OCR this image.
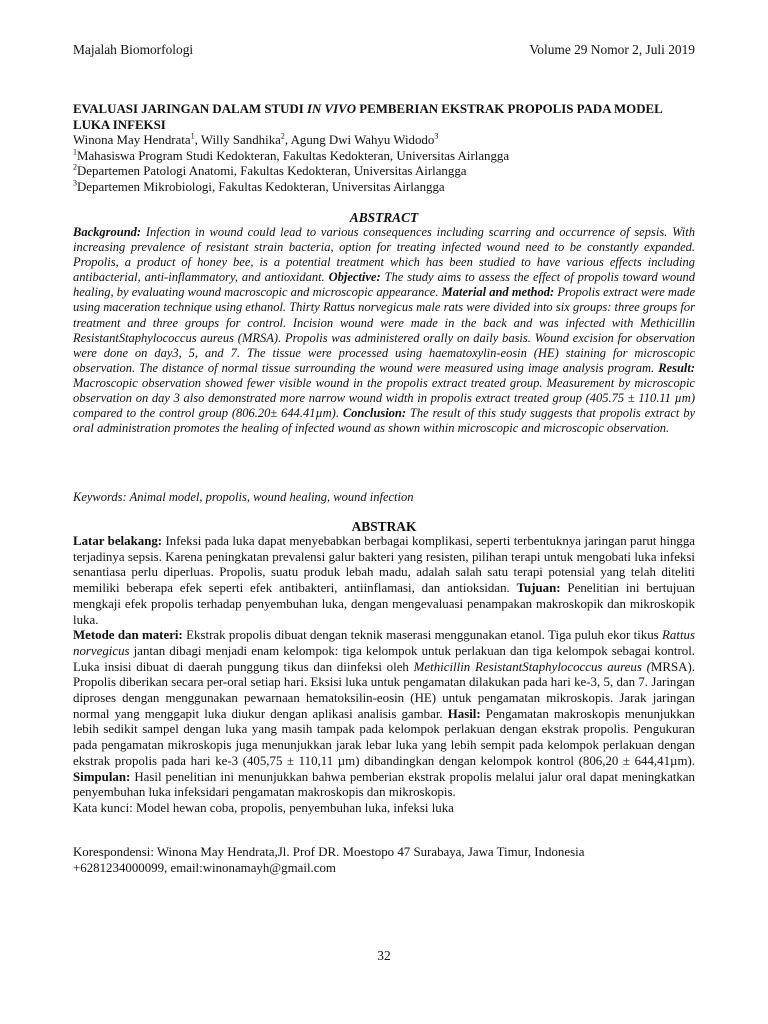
Majalah Biomorfologi	Volume 29 Nomor 2, Juli 2019
EVALUASI JARINGAN DALAM STUDI IN VIVO PEMBERIAN EKSTRAK PROPOLIS PADA MODEL LUKA INFEKSI
Winona May Hendrata$^1$, Willy Sandhika$^2$, Agung Dwi Wahyu Widodo$^3$
$^1$Mahasiswa Program Studi Kedokteran, Fakultas Kedokteran, Universitas Airlangga
$^2$Departemen Patologi Anatomi, Fakultas Kedokteran, Universitas Airlangga
$^3$Departemen Mikrobiologi, Fakultas Kedokteran, Universitas Airlangga
ABSTRACT
Background: Infection in wound could lead to various consequences including scarring and occurrence of sepsis. With increasing prevalence of resistant strain bacteria, option for treating infected wound need to be constantly expanded. Propolis, a product of honey bee, is a potential treatment which has been studied to have various effects including antibacterial, anti-inflammatory, and antioxidant. Objective: The study aims to assess the effect of propolis toward wound healing, by evaluating wound macroscopic and microscopic appearance. Material and method: Propolis extract were made using maceration technique using ethanol. Thirty Rattus norvegicus male rats were divided into six groups: three groups for treatment and three groups for control. Incision wound were made in the back and was infected with Methicillin ResistantStaphylococcus aureus (MRSA). Propolis was administered orally on daily basis. Wound excision for observation were done on day3, 5, and 7. The tissue were processed using haematoxylin-eosin (HE) staining for microscopic observation. The distance of normal tissue surrounding the wound were measured using image analysis program. Result: Macroscopic observation showed fewer visible wound in the propolis extract treated group. Measurement by microscopic observation on day 3 also demonstrated more narrow wound width in propolis extract treated group (405.75 ± 110.11 µm) compared to the control group (806.20± 644.41µm). Conclusion: The result of this study suggests that propolis extract by oral administration promotes the healing of infected wound as shown within microscopic and microscopic observation.
Keywords: Animal model, propolis, wound healing, wound infection
ABSTRAK

Latar belakang: Infeksi pada luka dapat menyebabkan berbagai komplikasi, seperti terbentuknya jaringan parut hingga terjadinya sepsis. Karena peningkatan prevalensi galur bakteri yang resisten, pilihan terapi untuk mengobati luka infeksi senantiasa perlu diperluas. Propolis, suatu produk lebah madu, adalah salah satu terapi potensial yang telah diteliti memiliki beberapa efek seperti efek antibakteri, antiinflamasi, dan antioksidan. Tujuan: Penelitian ini bertujuan mengkaji efek propolis terhadap penyembuhan luka, dengan mengevaluasi penampakan makroskopik dan mikroskopik luka.

Metode dan materi: Ekstrak propolis dibuat dengan teknik maserasi menggunakan etanol. Tiga puluh ekor tikus Rattus norvegicus jantan dibagi menjadi enam kelompok: tiga kelompok untuk perlakuan dan tiga kelompok sebagai kontrol. Luka insisi dibuat di daerah punggung tikus dan diinfeksi oleh Methicillin ResistantStaphylococcus aureus (MRSA). Propolis diberikan secara per-oral setiap hari. Eksisi luka untuk pengamatan dilakukan pada hari ke-3, 5, dan 7. Jaringan diproses dengan menggunakan pewarnaan hematoksilin-eosin (HE) untuk pengamatan mikroskopis. Jarak jaringan normal yang menggapit luka diukur dengan aplikasi analisis gambar. Hasil: Pengamatan makroskopis menunjukkan lebih sedikit sampel dengan luka yang masih tampak pada kelompok perlakuan dengan ekstrak propolis. Pengukuran pada pengamatan mikroskopis juga menunjukkan jarak lebar luka yang lebih sempit pada kelompok perlakuan dengan ekstrak propolis pada hari ke-3 (405,75 ± 110,11 µm) dibandingkan dengan kelompok kontrol (806,20 ± 644,41µm). Simpulan: Hasil penelitian ini menunjukkan bahwa pemberian ekstrak propolis melalui jalur oral dapat meningkatkan penyembuhan luka infeksidari pengamatan makroskopis dan mikroskopis.

Kata kunci: Model hewan coba, propolis, penyembuhan luka, infeksi luka

Korespondensi: Winona May Hendrata,Jl. Prof DR. Moestopo 47 Surabaya, Jawa Timur, Indonesia
+6281234000099, email:winonamayh@gmail.com
32
